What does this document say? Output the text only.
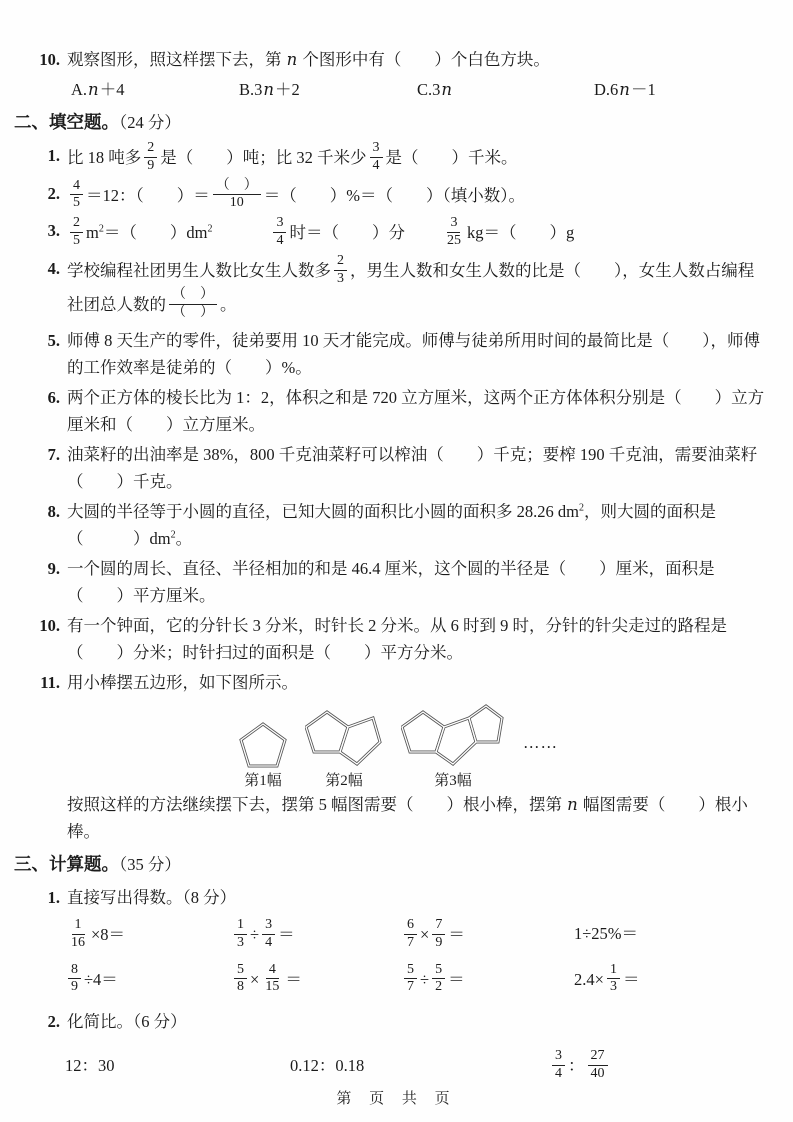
10. 观察图形，照这样摆下去，第 n 个图形中有（　　）个白色方块。
A.n＋4	B.3n＋2	C.3n	D.6n－1
二、填空题。（24 分）
1. 比 18 吨多 $\frac{2}{9}$ 是（　　）吨；比 32 千米少 $\frac{3}{4}$ 是（　　）千米。
2. $\frac{4}{5} =12$：（　　）＝ $\frac{( )}{10}$ ＝（　　）%＝（　　）（填小数）。
3. $\frac{2}{5} m^2=$（　　）$dm^2$	$\frac{3}{4}$ 时＝（　　）分	$\frac{3}{25} kg=$（　　）g
4. 学校编程社团男生人数比女生人数多 $\frac{2}{3}$ ，男生人数和女生人数的比是（　　），女生人数占编程社团总人数的 $\frac{( )}{( )}$ 。
5. 师傅 8 天生产的零件，徒弟要用 10 天才能完成。师傅与徒弟所用时间的最简比是（　　），师傅的工作效率是徒弟的（　　）%。
6. 两个正方体的棱长比为 1：2，体积之和是 720 立方厘米，这两个正方体体积分别是（　　）立方厘米和（　　）立方厘米。
7. 油菜籽的出油率是 38%，800 千克油菜籽可以榨油（　　）千克；要榨 190 千克油，需要油菜籽（　　）千克。
8. 大圆的半径等于小圆的直径，已知大圆的面积比小圆的面积多 28.26 $dm^2$，则大圆的面积是（　　　）$dm^2$。
9. 一个圆的周长、直径、半径相加的和是 46.4 厘米，这个圆的半径是（　　）厘米，面积是（　　）平方厘米。
10. 有一个钟面，它的分针长 3 分米，时针长 2 分米。从 6 时到 9 时，分针的针尖走过的路程是（　　）分米；时针扫过的面积是（　　）平方分米。
11. 用小棒摆五边形，如下图所示。
第1幅	第2幅	第3幅
……
按照这样的方法继续摆下去，摆第 5 幅图需要（　　）根小棒，摆第 n 幅图需要（　　）根小棒。
三、计算题。（35 分）
1. 直接写出得数。（8 分）
$\frac{1}{16} \times 8=$	$\frac{1}{3} \div \frac{3}{4}$ ＝	$\frac{6}{7} \times \frac{7}{9}$ ＝	1÷25%＝
$\frac{8}{9} \div 4=$	$\frac{5}{8} \times \frac{4}{15}$ ＝	$\frac{5}{7} \div \frac{5}{2}$ ＝	$2.4\times \frac{1}{3}$ ＝
2. 化简比。（6 分）
12：30	0.12：0.18	$\frac{3}{4}$ ： $\frac{27}{40}$
第 页 共 页
